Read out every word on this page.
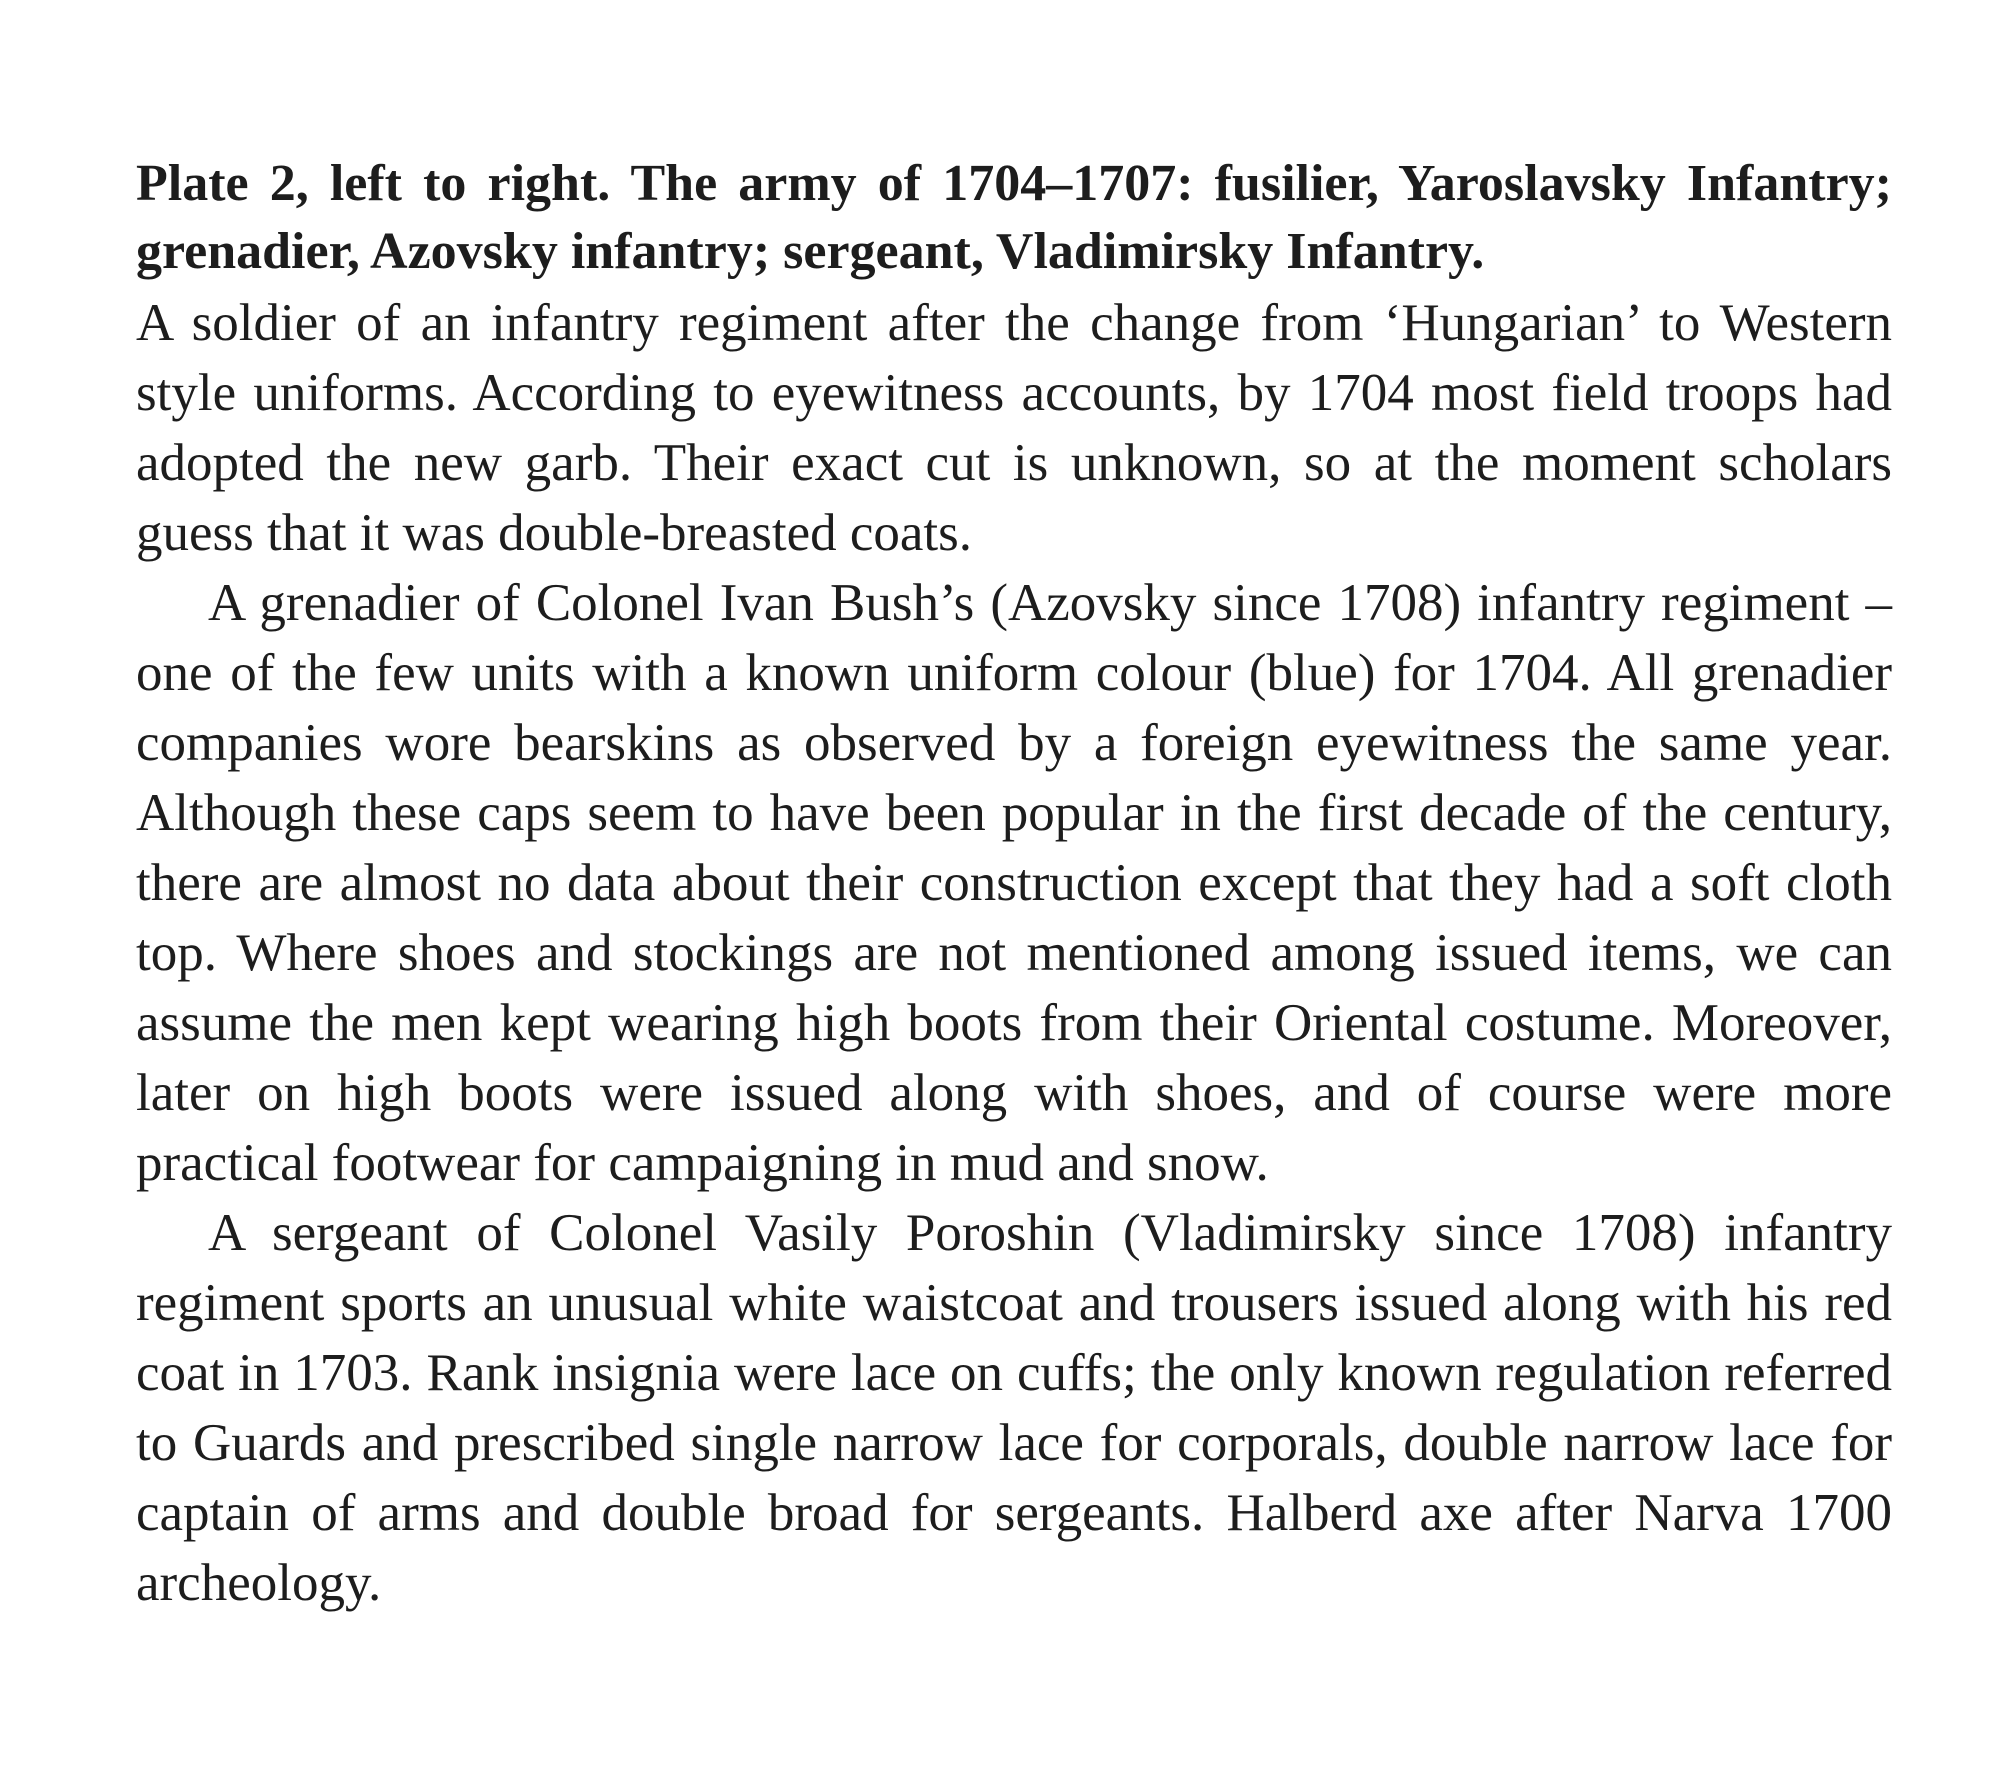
Plate 2, left to right. The army of 1704–1707: fusilier, Yaroslavsky Infantry; grenadier, Azovsky infantry; sergeant, Vladimirsky Infantry.

A soldier of an infantry regiment after the change from ‘Hungarian’ to Western style uniforms. According to eyewitness accounts, by 1704 most field troops had adopted the new garb. Their exact cut is unknown, so at the moment scholars guess that it was double-breasted coats.

A grenadier of Colonel Ivan Bush’s (Azovsky since 1708) infantry regiment – one of the few units with a known uniform colour (blue) for 1704. All grenadier companies wore bearskins as observed by a foreign eyewitness the same year. Although these caps seem to have been popular in the first decade of the century, there are almost no data about their construction except that they had a soft cloth top. Where shoes and stockings are not mentioned among issued items, we can assume the men kept wearing high boots from their Oriental costume. Moreover, later on high boots were issued along with shoes, and of course were more practical footwear for campaigning in mud and snow.

A sergeant of Colonel Vasily Poroshin (Vladimirsky since 1708) infantry regiment sports an unusual white waistcoat and trousers issued along with his red coat in 1703. Rank insignia were lace on cuffs; the only known regulation referred to Guards and prescribed single narrow lace for corporals, double narrow lace for captain of arms and double broad for sergeants. Halberd axe after Narva 1700 archeology.
